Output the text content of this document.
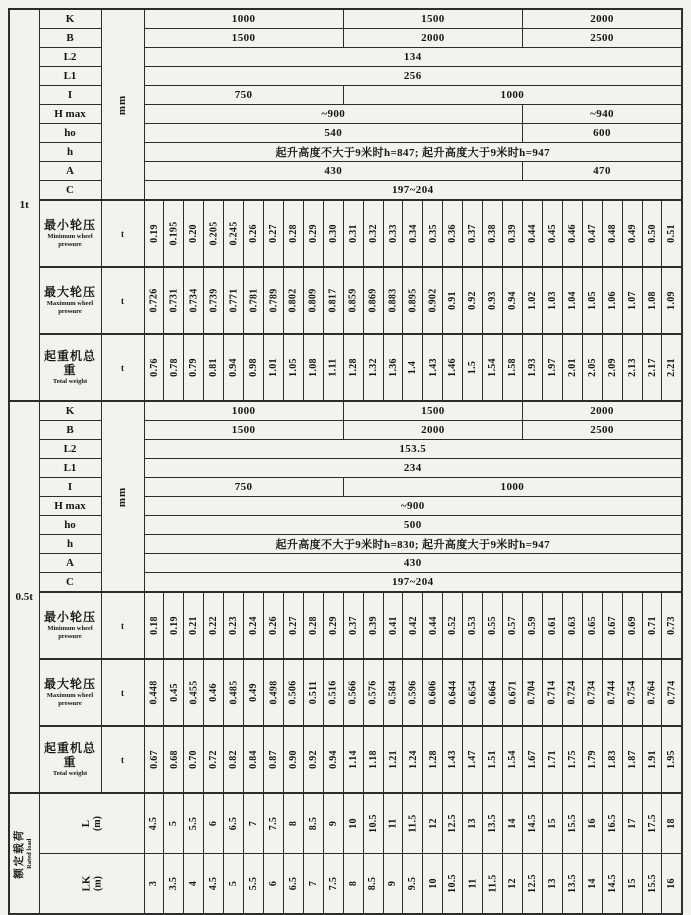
1t	K	mm	1000										1500									2000							
	B		1500										2000									2500							
	L2		134																										
	L1		256																										
	I		750										1000																
	H max		~900																			~940							
	ho		540																			600							
	h		起升高度不大于9米时h=847; 起升高度大于9米时h=947																										
	A		430																			470							
	C		197~204																										

	最小轮压
Minimum wheel pressure	t	0.19	0.195	0.20	0.205	0.245	0.26	0.27	0.28	0.29	0.30	0.31	0.32	0.33	0.34	0.35	0.36	0.37	0.38	0.39	0.44	0.45	0.46	0.47	0.48	0.49	0.50	0.51

	最大轮压
Maximum wheel pressure	t	0.726	0.731	0.734	0.739	0.771	0.781	0.789	0.802	0.809	0.817	0.859	0.869	0.883	0.895	0.902	0.91	0.92	0.93	0.94	1.02	1.03	1.04	1.05	1.06	1.07	1.08	1.09

	起重机总重
Total weight	t	0.76	0.78	0.79	0.81	0.94	0.98	1.01	1.05	1.08	1.11	1.28	1.32	1.36	1.4	1.43	1.46	1.5	1.54	1.58	1.93	1.97	2.01	2.05	2.09	2.13	2.17	2.21

0.5t	K	mm	1000										1500									2000							
	B		1500										2000									2500							
	L2		153.5																										
	L1		234																										
	I		750										1000																
	H max		~900																										
	ho		500																										
	h		起升高度不大于9米时h=830; 起升高度大于9米时h=947																										
	A		430																										
	C		197~204																										

	最小轮压
Minimum wheel pressure	t	0.18	0.19	0.21	0.22	0.23	0.24	0.26	0.27	0.28	0.29	0.37	0.39	0.41	0.42	0.44	0.52	0.53	0.55	0.57	0.59	0.61	0.63	0.65	0.67	0.69	0.71	0.73

	最大轮压
Maximum wheel pressure	t	0.448	0.45	0.455	0.46	0.485	0.49	0.498	0.506	0.511	0.516	0.566	0.576	0.584	0.596	0.606	0.644	0.654	0.664	0.671	0.704	0.714	0.724	0.734	0.744	0.754	0.764	0.774

	起重机总重
Total weight	t	0.67	0.68	0.70	0.72	0.82	0.84	0.87	0.90	0.92	0.94	1.14	1.18	1.21	1.24	1.28	1.43	1.47	1.51	1.54	1.67	1.71	1.75	1.79	1.83	1.87	1.91	1.95

额定载荷 Rated load

L (m)	4.5	5	5.5	6	6.5	7	7.5	8	8.5	9	10	10.5	11	11.5	12	12.5	13	13.5	14	14.5	15	15.5	16	16.5	17	17.5	18

	LK (m)		3	3.5	4	4.5	5	5.5	6	6.5	7	7.5	8	8.5	9	9.5	10	10.5	11	11.5	12	12.5	13	13.5	14	14.5	15	15.5	16
